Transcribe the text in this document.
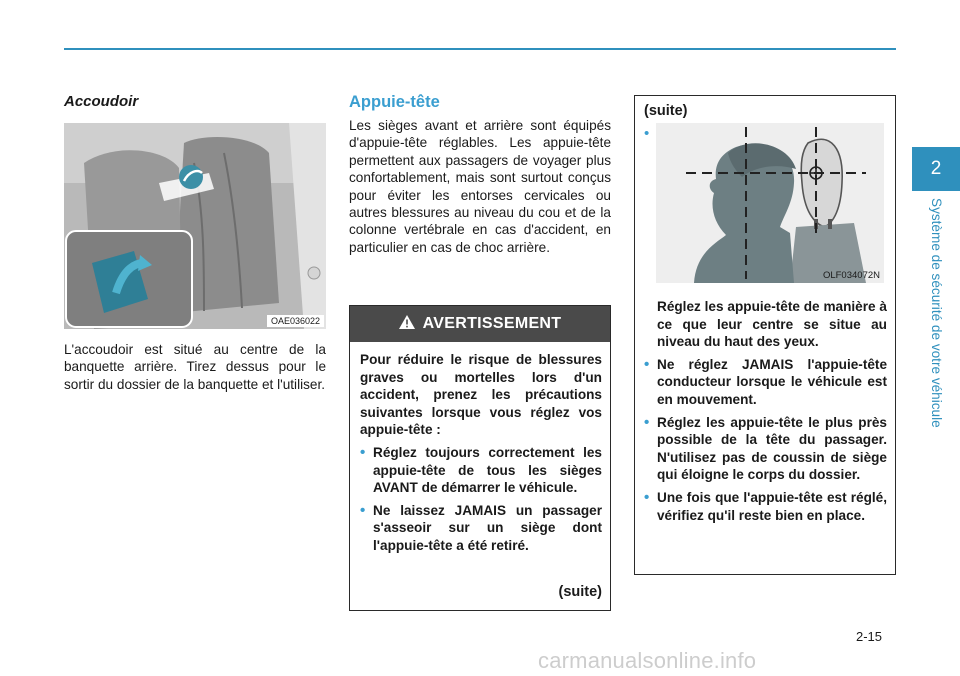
Accoudoir
OAE036022
L'accoudoir est situé au centre de la banquette arrière. Tirez dessus pour le sortir du dossier de la banquette et l'utiliser.
Appuie-tête
Les sièges avant et arrière sont équipés d'appuie-tête réglables. Les appuie-tête permettent aux passagers de voyager plus confortablement, mais sont surtout conçus pour éviter les entorses cervicales ou autres blessures au niveau du cou et de la colonne vertébrale en cas d'accident, en particulier en cas de choc arrière.
AVERTISSEMENT
Pour réduire le risque de blessures graves ou mortelles lors d'un accident, prenez les précautions suivantes lorsque vous réglez vos appuie-tête :
• Réglez toujours correctement les appuie-tête de tous les sièges AVANT de démarrer le véhicule.
• Ne laissez JAMAIS un passager s'asseoir sur un siège dont l'appuie-tête a été retiré.
(suite)
(suite)
•
OLF034072N
Réglez les appuie-tête de manière à ce que leur centre se situe au niveau du haut des yeux.
• Ne réglez JAMAIS l'appuie-tête conducteur lorsque le véhicule est en mouvement.
• Réglez les appuie-tête le plus près possible de la tête du passager. N'utilisez pas de coussin de siège qui éloigne le corps du dossier.
• Une fois que l'appuie-tête est réglé, vérifiez qu'il reste bien en place.
2
Système de sécurité de votre véhicule
2-15
carmanualsonline.info
